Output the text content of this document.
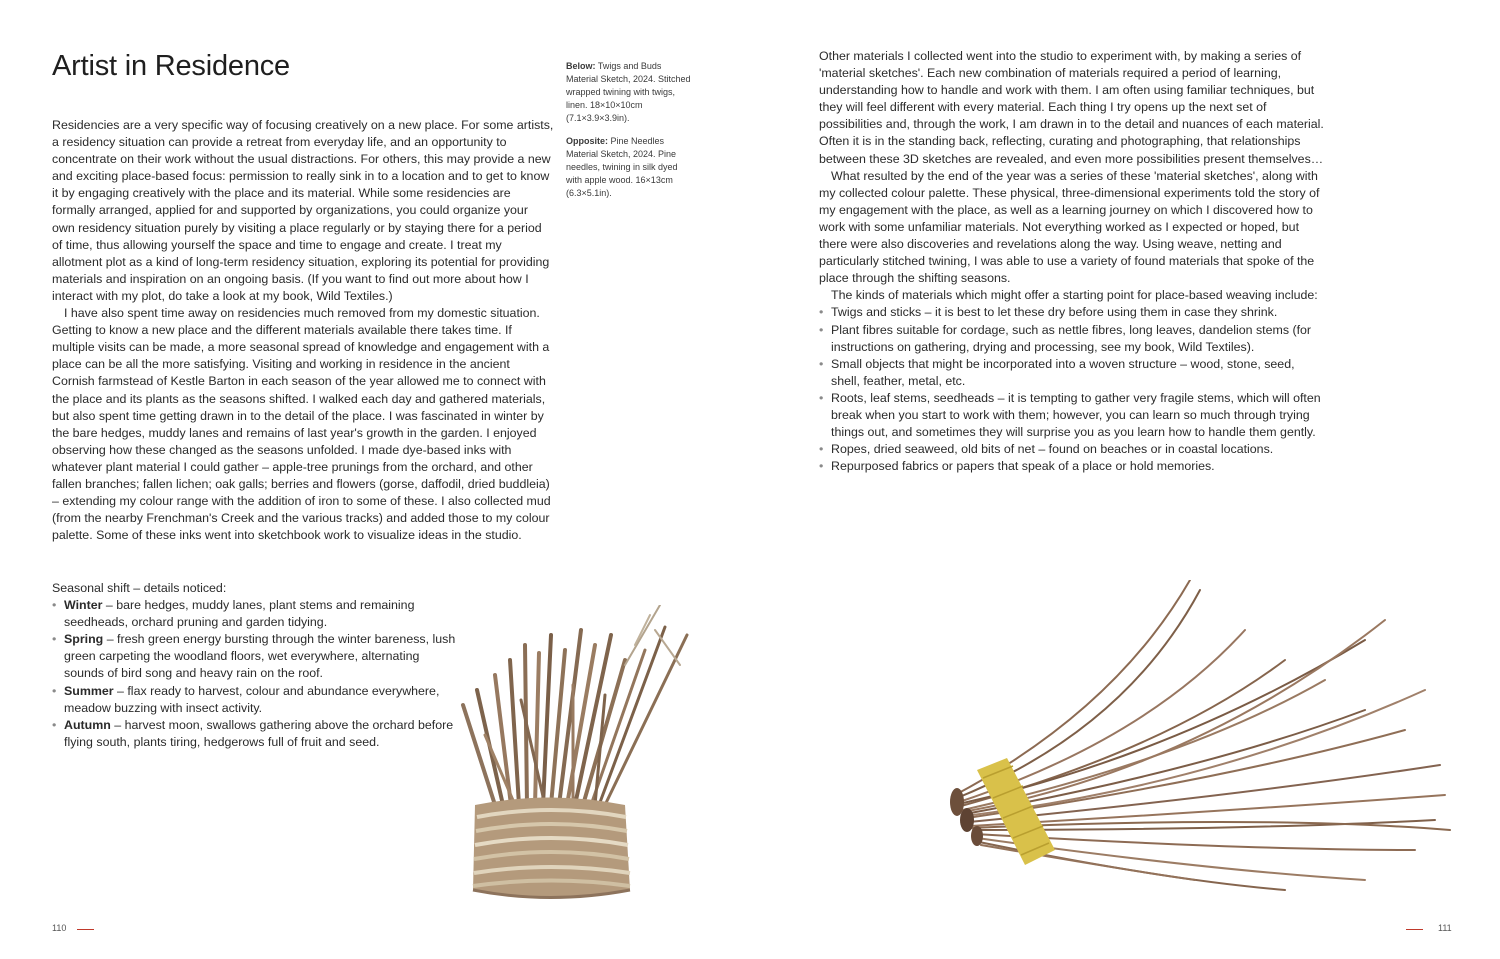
Artist in Residence

Residencies are a very specific way of focusing creatively on a new place. For some artists, a residency situation can provide a retreat from everyday life, and an opportunity to concentrate on their work without the usual distractions. For others, this may provide a new and exciting place-based focus: permission to really sink in to a location and to get to know it by engaging creatively with the place and its material. While some residencies are formally arranged, applied for and supported by organizations, you could organize your own residency situation purely by visiting a place regularly or by staying there for a period of time, thus allowing yourself the space and time to engage and create. I treat my allotment plot as a kind of long-term residency situation, exploring its potential for providing materials and inspiration on an ongoing basis. (If you want to find out more about how I interact with my plot, do take a look at my book, Wild Textiles.)

I have also spent time away on residencies much removed from my domestic situation. Getting to know a new place and the different materials available there takes time. If multiple visits can be made, a more seasonal spread of knowledge and engagement with a place can be all the more satisfying. Visiting and working in residence in the ancient Cornish farmstead of Kestle Barton in each season of the year allowed me to connect with the place and its plants as the seasons shifted. I walked each day and gathered materials, but also spent time getting drawn in to the detail of the place. I was fascinated in winter by the bare hedges, muddy lanes and remains of last year's growth in the garden. I enjoyed observing how these changed as the seasons unfolded. I made dye-based inks with whatever plant material I could gather – apple-tree prunings from the orchard, and other fallen branches; fallen lichen; oak galls; berries and flowers (gorse, daffodil, dried buddleia) – extending my colour range with the addition of iron to some of these. I also collected mud (from the nearby Frenchman's Creek and the various tracks) and added those to my colour palette. Some of these inks went into sketchbook work to visualize ideas in the studio.

Seasonal shift – details noticed:

• Winter – bare hedges, muddy lanes, plant stems and remaining seedheads, orchard pruning and garden tidying.
• Spring – fresh green energy bursting through the winter bareness, lush green carpeting the woodland floors, wet everywhere, alternating sounds of bird song and heavy rain on the roof.
• Summer – flax ready to harvest, colour and abundance everywhere, meadow buzzing with insect activity.
• Autumn – harvest moon, swallows gathering above the orchard before flying south, plants tiring, hedgerows full of fruit and seed.

Below: Twigs and Buds Material Sketch, 2024. Stitched wrapped twining with twigs, linen. 18×10×10cm (7.1×3.9×3.9in).

Opposite: Pine Needles Material Sketch, 2024. Pine needles, twining in silk dyed with apple wood. 16×13cm (6.3×5.1in).

110

Other materials I collected went into the studio to experiment with, by making a series of 'material sketches'. Each new combination of materials required a period of learning, understanding how to handle and work with them. I am often using familiar techniques, but they will feel different with every material. Each thing I try opens up the next set of possibilities and, through the work, I am drawn in to the detail and nuances of each material. Often it is in the standing back, reflecting, curating and photographing, that relationships between these 3D sketches are revealed, and even more possibilities present themselves…

What resulted by the end of the year was a series of these 'material sketches', along with my collected colour palette. These physical, three-dimensional experiments told the story of my engagement with the place, as well as a learning journey on which I discovered how to work with some unfamiliar materials. Not everything worked as I expected or hoped, but there were also discoveries and revelations along the way. Using weave, netting and particularly stitched twining, I was able to use a variety of found materials that spoke of the place through the shifting seasons.

The kinds of materials which might offer a starting point for place-based weaving include:

• Twigs and sticks – it is best to let these dry before using them in case they shrink.
• Plant fibres suitable for cordage, such as nettle fibres, long leaves, dandelion stems (for instructions on gathering, drying and processing, see my book, Wild Textiles).
• Small objects that might be incorporated into a woven structure – wood, stone, seed, shell, feather, metal, etc.
• Roots, leaf stems, seedheads – it is tempting to gather very fragile stems, which will often break when you start to work with them; however, you can learn so much through trying things out, and sometimes they will surprise you as you learn how to handle them gently.
• Ropes, dried seaweed, old bits of net – found on beaches or in coastal locations.
• Repurposed fabrics or papers that speak of a place or hold memories.
111
